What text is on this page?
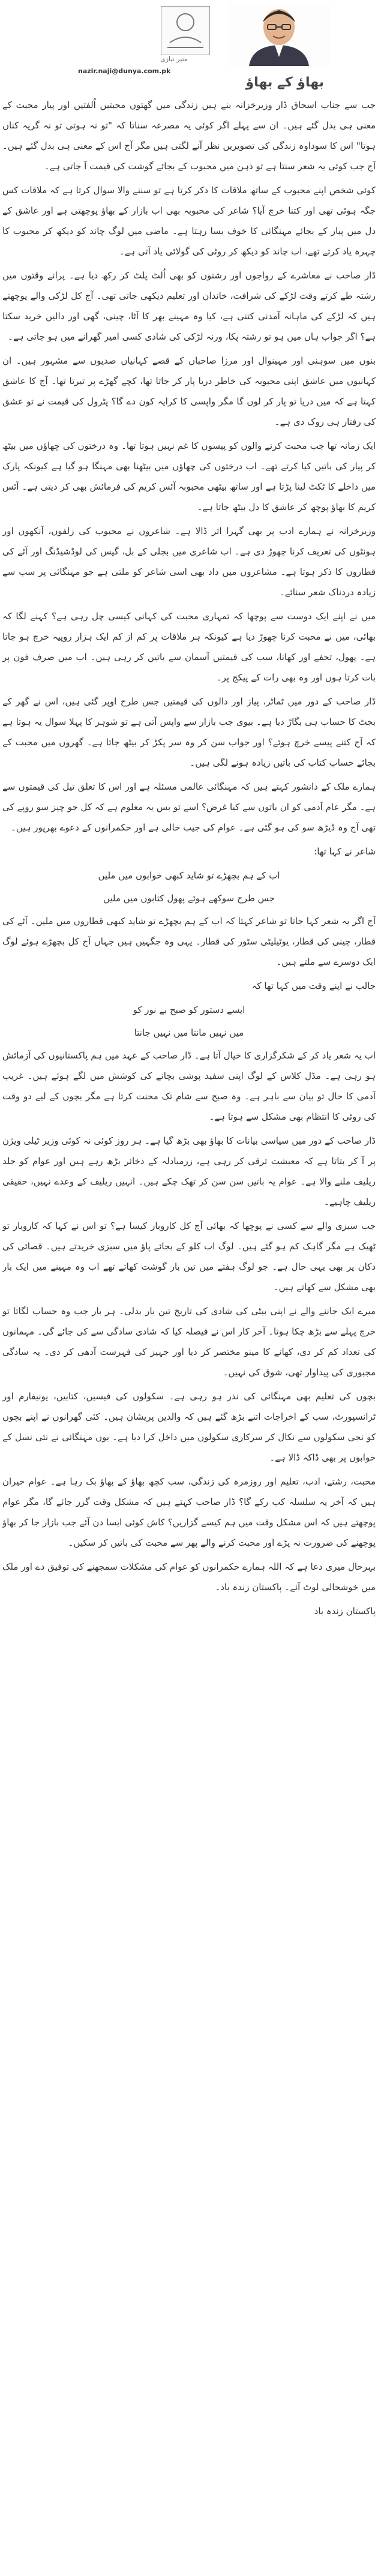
منیر نیازی
nazir.naji@dunya.com.pk
بھاؤ کے بھاؤ

جب سے جناب اسحاق ڈار وزیرخزانہ بنے ہیں زندگی میں گھتوں محبتیں اُلفتیں اور پیار محبت کے معنی ہی بدل گئے ہیں۔ ان سے پہلے اگر کوئی یہ مصرعہ سناتا کہ "تو نہ ہوتی تو نہ گریہ کناں ہوتا" اس کا سوداوہ زندگی کی تصویریں نظر آنے لگتی ہیں مگر آج اس کے معنی ہی بدل گئے ہیں۔ آج جب کوئی یہ شعر سنتا ہے تو ذہن میں محبوب کے بجائے گوشت کی قیمت آ جاتی ہے۔

کوئی شخص اپنے محبوب کے ساتھ ملاقات کا ذکر کرتا ہے تو سننے والا سوال کرتا ہے کہ ملاقات کس جگہ ہوئی تھی اور کتنا خرچ آیا؟ شاعر کی محبوبہ بھی اب بازار کے بھاؤ پوچھتی ہے اور عاشق کے دل میں پیار کے بجائے مہنگائی کا خوف بسا رہتا ہے۔ ماضی میں لوگ چاند کو دیکھ کر محبوب کا چہرہ یاد کرتے تھے، اب چاند کو دیکھ کر روٹی کی گولائی یاد آتی ہے۔

ڈار صاحب نے معاشرے کے رواجوں اور رشتوں کو بھی اُلٹ پلٹ کر رکھ دیا ہے۔ پرانے وقتوں میں رشتہ طے کرتے وقت لڑکے کی شرافت، خاندان اور تعلیم دیکھی جاتی تھی۔ آج کل لڑکی والے پوچھتے ہیں کہ لڑکے کی ماہانہ آمدنی کتنی ہے، کیا وہ مہینے بھر کا آٹا، چینی، گھی اور دالیں خرید سکتا ہے؟ اگر جواب ہاں میں ہو تو رشتہ پکا، ورنہ لڑکی کی شادی کسی امیر گھرانے میں ہو جاتی ہے۔

بنوں میں سوہنی اور مہینوال اور مرزا صاحباں کے قصے کہانیاں صدیوں سے مشہور ہیں۔ ان کہانیوں میں عاشق اپنی محبوبہ کی خاطر دریا پار کر جاتا تھا، کچے گھڑے پر تیرتا تھا۔ آج کا عاشق کہتا ہے کہ میں دریا تو پار کر لوں گا مگر واپسی کا کرایہ کون دے گا؟ پٹرول کی قیمت نے تو عشق کی رفتار ہی روک دی ہے۔

ایک زمانہ تھا جب محبت کرنے والوں کو پیسوں کا غم نہیں ہوتا تھا۔ وہ درختوں کی چھاؤں میں بیٹھ کر پیار کی باتیں کیا کرتے تھے۔ اب درختوں کی چھاؤں میں بیٹھنا بھی مہنگا ہو گیا ہے کیونکہ پارک میں داخلے کا ٹکٹ لینا پڑتا ہے اور ساتھ بیٹھی محبوبہ آئس کریم کی فرمائش بھی کر دیتی ہے۔ آئس کریم کا بھاؤ پوچھ کر عاشق کا دل بیٹھ جاتا ہے۔

وزیرخزانہ نے ہمارے ادب پر بھی گہرا اثر ڈالا ہے۔ شاعروں نے محبوب کی زلفوں، آنکھوں اور ہونٹوں کی تعریف کرنا چھوڑ دی ہے۔ اب شاعری میں بجلی کے بل، گیس کی لوڈشیڈنگ اور آٹے کی قطاروں کا ذکر ہوتا ہے۔ مشاعروں میں داد بھی اسی شاعر کو ملتی ہے جو مہنگائی پر سب سے زیادہ دردناک شعر سنائے۔

میں نے اپنے ایک دوست سے پوچھا کہ تمہاری محبت کی کہانی کیسی چل رہی ہے؟ کہنے لگا کہ بھائی، میں نے محبت کرنا چھوڑ دیا ہے کیونکہ ہر ملاقات پر کم از کم ایک ہزار روپیہ خرچ ہو جاتا ہے۔ پھول، تحفے اور کھانا، سب کی قیمتیں آسمان سے باتیں کر رہی ہیں۔ اب میں صرف فون پر بات کرتا ہوں اور وہ بھی رات کے پیکج پر۔

ڈار صاحب کے دور میں ٹماٹر، پیاز اور دالوں کی قیمتیں جس طرح اوپر گئی ہیں، اس نے گھر کے بجٹ کا حساب ہی بگاڑ دیا ہے۔ بیوی جب بازار سے واپس آتی ہے تو شوہر کا پہلا سوال یہ ہوتا ہے کہ آج کتنے پیسے خرچ ہوئے؟ اور جواب سن کر وہ سر پکڑ کر بیٹھ جاتا ہے۔ گھروں میں محبت کے بجائے حساب کتاب کی باتیں زیادہ ہونے لگی ہیں۔

ہمارے ملک کے دانشور کہتے ہیں کہ مہنگائی عالمی مسئلہ ہے اور اس کا تعلق تیل کی قیمتوں سے ہے۔ مگر عام آدمی کو ان باتوں سے کیا غرض؟ اسے تو بس یہ معلوم ہے کہ کل جو چیز سو روپے کی تھی آج وہ ڈیڑھ سو کی ہو گئی ہے۔ عوام کی جیب خالی ہے اور حکمرانوں کے دعوے بھرپور ہیں۔

شاعر نے کہا تھا:

اب کے ہم بچھڑے تو شاید کبھی خوابوں میں ملیں

جس طرح سوکھے ہوئے پھول کتابوں میں ملیں

آج اگر یہ شعر کہا جاتا تو شاعر کہتا کہ اب کے ہم بچھڑے تو شاید کبھی قطاروں میں ملیں۔ آٹے کی قطار، چینی کی قطار، یوٹیلیٹی سٹور کی قطار۔ یہی وہ جگہیں ہیں جہاں آج کل بچھڑے ہوئے لوگ ایک دوسرے سے ملتے ہیں۔

جالب نے اپنے وقت میں کہا تھا کہ

ایسے دستور کو صبح بے نور کو

میں نہیں مانتا میں نہیں جانتا

اب یہ شعر یاد کر کے شکرگزاری کا خیال آتا ہے۔ ڈار صاحب کے عہد میں ہم پاکستانیوں کی آزمائش ہو رہی ہے۔ مڈل کلاس کے لوگ اپنی سفید پوشی بچانے کی کوشش میں لگے ہوئے ہیں۔ غریب آدمی کا حال تو بیان سے باہر ہے۔ وہ صبح سے شام تک محنت کرتا ہے مگر بچوں کے لیے دو وقت کی روٹی کا انتظام بھی مشکل سے ہوتا ہے۔

ڈار صاحب کے دور میں سیاسی بیانات کا بھاؤ بھی بڑھ گیا ہے۔ ہر روز کوئی نہ کوئی وزیر ٹیلی ویژن پر آ کر بتاتا ہے کہ معیشت ترقی کر رہی ہے، زرمبادلہ کے ذخائر بڑھ رہے ہیں اور عوام کو جلد ریلیف ملنے والا ہے۔ عوام یہ باتیں سن سن کر تھک چکے ہیں۔ انہیں ریلیف کے وعدے نہیں، حقیقی ریلیف چاہیے۔

جب سبزی والے سے کسی نے پوچھا کہ بھائی آج کل کاروبار کیسا ہے؟ تو اس نے کہا کہ کاروبار تو ٹھیک ہے مگر گاہک کم ہو گئے ہیں۔ لوگ اب کلو کے بجائے پاؤ میں سبزی خریدتے ہیں۔ قصائی کی دکان پر بھی یہی حال ہے۔ جو لوگ ہفتے میں تین بار گوشت کھاتے تھے اب وہ مہینے میں ایک بار بھی مشکل سے کھاتے ہیں۔

میرے ایک جاننے والے نے اپنی بیٹی کی شادی کی تاریخ تین بار بدلی۔ ہر بار جب وہ حساب لگاتا تو خرچ پہلے سے بڑھ چکا ہوتا۔ آخر کار اس نے فیصلہ کیا کہ شادی سادگی سے کی جائے گی۔ مہمانوں کی تعداد کم کر دی، کھانے کا مینو مختصر کر دیا اور جہیز کی فہرست آدھی کر دی۔ یہ سادگی مجبوری کی پیداوار تھی، شوق کی نہیں۔

بچوں کی تعلیم بھی مہنگائی کی نذر ہو رہی ہے۔ سکولوں کی فیسیں، کتابیں، یونیفارم اور ٹرانسپورٹ، سب کے اخراجات اتنے بڑھ گئے ہیں کہ والدین پریشان ہیں۔ کئی گھرانوں نے اپنے بچوں کو نجی سکولوں سے نکال کر سرکاری سکولوں میں داخل کرا دیا ہے۔ یوں مہنگائی نے نئی نسل کے خوابوں پر بھی ڈاکہ ڈالا ہے۔

محبت، رشتے، ادب، تعلیم اور روزمرہ کی زندگی، سب کچھ بھاؤ کے بھاؤ بک رہا ہے۔ عوام حیران ہیں کہ آخر یہ سلسلہ کب رکے گا؟ ڈار صاحب کہتے ہیں کہ مشکل وقت گزر جائے گا، مگر عوام پوچھتے ہیں کہ اس مشکل وقت میں ہم کیسے گزاریں؟ کاش کوئی ایسا دن آئے جب بازار جا کر بھاؤ پوچھنے کی ضرورت نہ پڑے اور محبت کرنے والے پھر سے محبت کی باتیں کر سکیں۔

بہرحال میری دعا ہے کہ اللہ ہمارے حکمرانوں کو عوام کی مشکلات سمجھنے کی توفیق دے اور ملک میں خوشحالی لوٹ آئے۔ پاکستان زندہ باد۔

پاکستان زندہ باد
